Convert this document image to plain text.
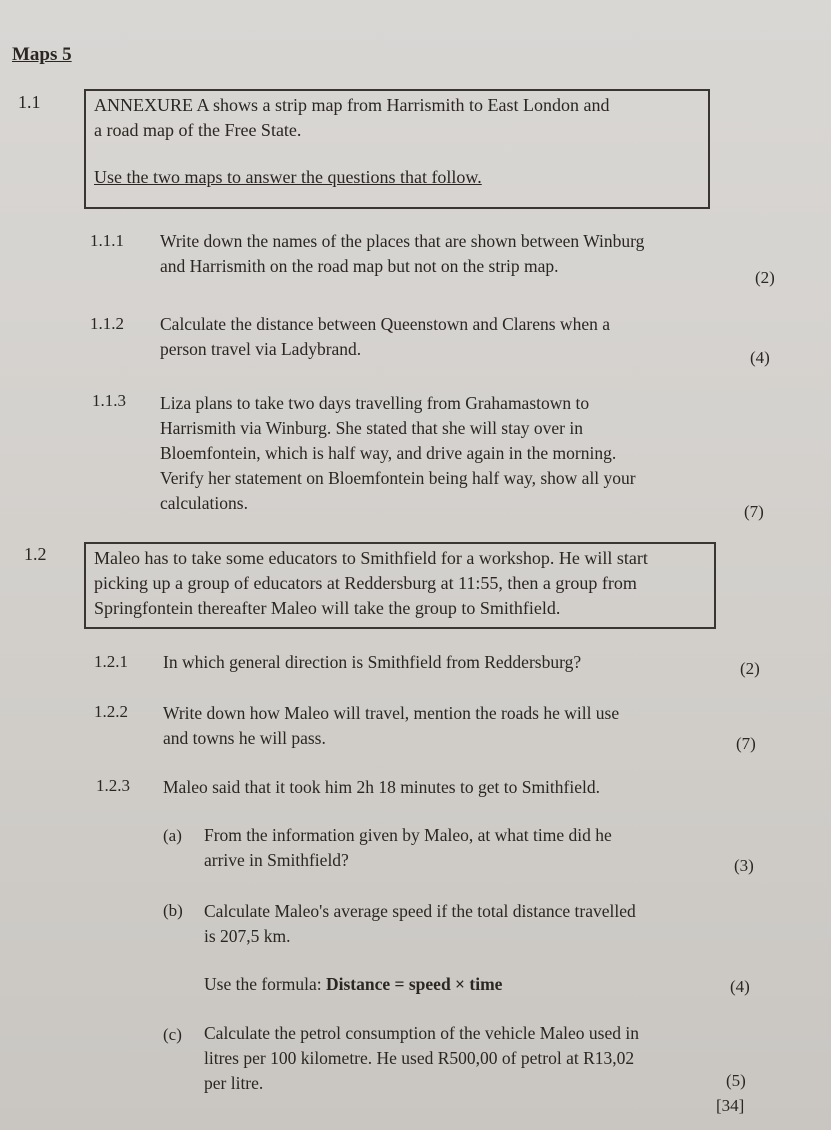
Maps 5
1.1	ANNEXURE A shows a strip map from Harrismith to East London and
a road map of the Free State.
Use the two maps to answer the questions that follow.
1.1.1 Write down the names of the places that are shown between Winburg
and Harrismith on the road map but not on the strip map.
(2)
1.1.2 Calculate the distance between Queenstown and Clarens when a
person travel via Ladybrand.	(4)
1.1.3 Liza plans to take two days travelling from Grahamastown to
Harrismith via Winburg. She stated that she will stay over in
Bloemfontein, which is half way, and drive again in the morning.
Verify her statement on Bloemfontein being half way, show all your
calculations.	(7)
1.2	Maleo has to take some educators to Smithfield for a workshop. He will start
picking up a group of educators at Reddersburg at 11:55, then a group from
Springfontein thereafter Maleo will take the group to Smithfield.
1.2.1 In which general direction is Smithfield from Reddersburg?	(2)
1.2.2 Write down how Maleo will travel, mention the roads he will use
and towns he will pass.	(7)
1.2.3 Maleo said that it took him 2h 18 minutes to get to Smithfield.
(a) From the information given by Maleo, at what time did he
arrive in Smithfield?	(3)
(b) Calculate Maleo's average speed if the total distance travelled
is 207,5 km.
Use the formula: Distance = speed × time	(4)
(c) Calculate the petrol consumption of the vehicle Maleo used in
litres per 100 kilometre. He used R500,00 of petrol at R13,02
per litre.	(5)
[34]
